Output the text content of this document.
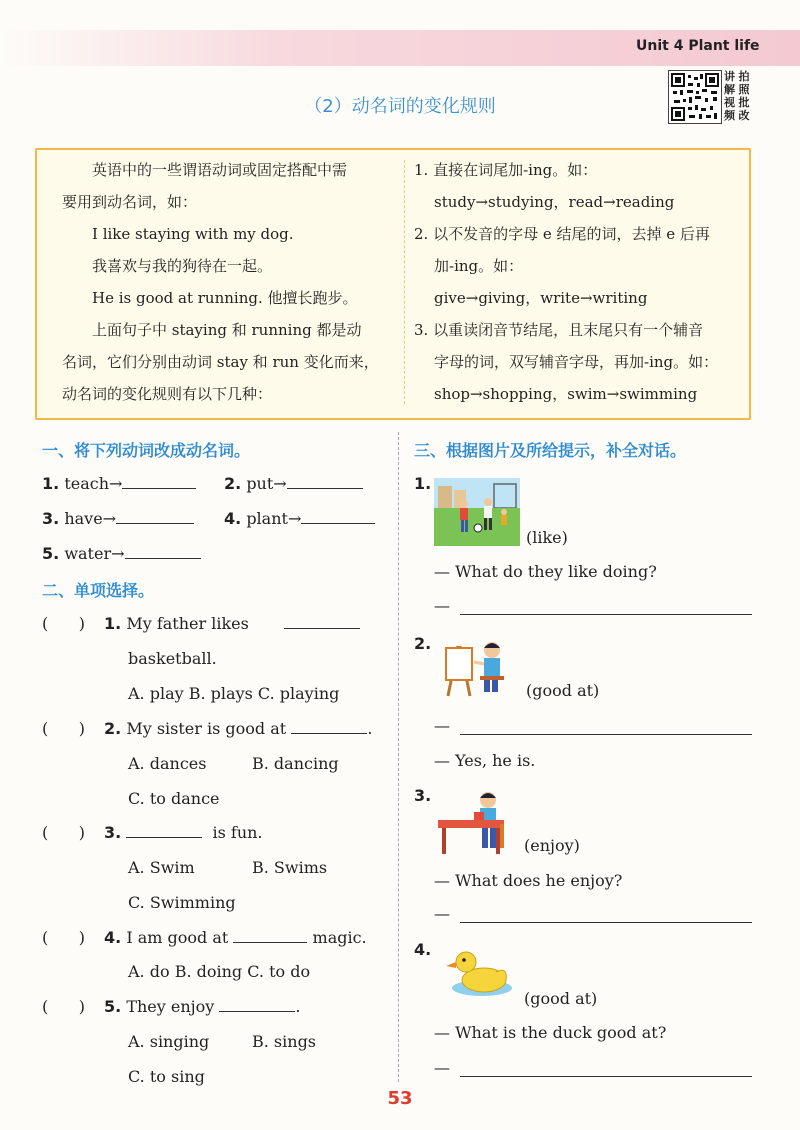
Unit 4 Plant life
讲 拍
解 照
视 批
频 改
（2）动名词的变化规则
英语中的一些谓语动词或固定搭配中需
要用到动名词，如：
I like staying with my dog.
我喜欢与我的狗待在一起。
He is good at running. 他擅长跑步。
上面句子中 staying 和 running 都是动
名词，它们分别由动词 stay 和 run 变化而来，
动名词的变化规则有以下几种：
1. 直接在词尾加-ing。如：
study→studying，read→reading
2. 以不发音的字母 e 结尾的词，去掉 e 后再
加-ing。如：
give→giving，write→writing
3. 以重读闭音节结尾，且末尾只有一个辅音
字母的词，双写辅音字母，再加-ing。如：
shop→shopping，swim→swimming
一、将下列动词改成动名词。
1. teach→	2. put→
3. have→	4. plant→
5. water→
二、单项选择。
(      ) 1. My father likes
basketball.
A. play B. plays C. playing
(      ) 2. My sister is good at	.
A. dances	B. dancing
C. to dance
(      ) 3.	is fun.
A. Swim	B. Swims
C. Swimming
(      ) 4. I am good at	magic.
A. do B. doing C. to do
(      ) 5. They enjoy	.
A. singing	B. sings
C. to sing
三、根据图片及所给提示，补全对话。
1.
(like)
— What do they like doing?
—
2.
(good at)
—
— Yes, he is.
3.
(enjoy)
— What does he enjoy?
—
4.
(good at)
— What is the duck good at?
—
53
